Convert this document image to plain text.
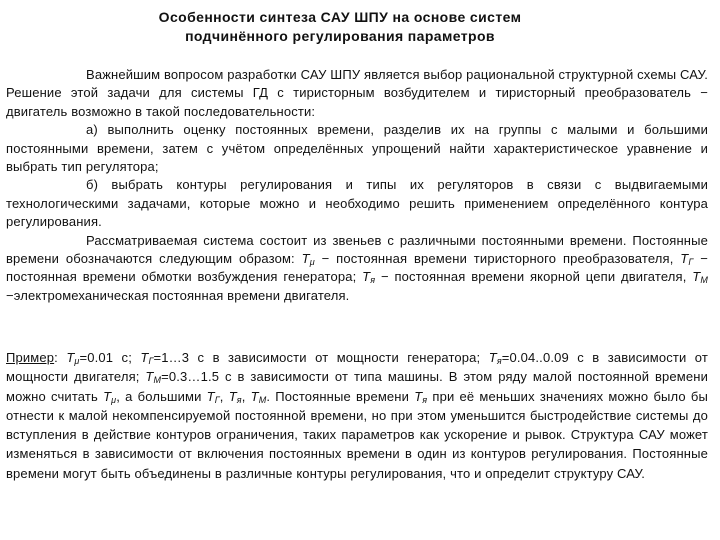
Особенности синтеза САУ ШПУ на основе систем
подчинённого регулирования параметров

Важнейшим вопросом разработки САУ ШПУ является выбор рациональной структурной схемы САУ. Решение этой задачи для системы ГД с тиристорным возбудителем и тиристорный преобразователь − двигатель возможно в такой последовательности:

а) выполнить оценку постоянных времени, разделив их на группы с малыми и большими постоянными времени, затем с учётом определённых упрощений найти характеристическое уравнение и выбрать тип регулятора;

б) выбрать контуры регулирования и типы их регуляторов в связи с выдвигаемыми технологическими задачами, которые можно и необходимо решить применением определённого контура регулирования.

Рассматриваемая система состоит из звеньев с различными постоянными времени. Постоянные времени обозначаются следующим образом: $T_\mu$ − постоянная времени тиристорного преобразователя, $T_Г$ − постоянная времени обмотки возбуждения генератора; $T_я$ − постоянная времени якорной цепи двигателя, $T_М$ −электромеханическая постоянная времени двигателя.

Пример: $T_\mu=0.01$ с; $T_Г=1\dots 3$ с в зависимости от мощности генератора; $T_я=0.04..0.09$ с в зависимости от мощности двигателя; $T_М=0.3\dots 1.5$ с в зависимости от типа машины. В этом ряду малой постоянной времени можно считать $T_\mu$, а большими $T_Г$, $T_я$, $T_М$. Постоянные времени $T_я$ при её меньших значениях можно было бы отнести к малой некомпенсируемой постоянной времени, но при этом уменьшится быстродействие системы до вступления в действие контуров ограничения, таких параметров как ускорение и рывок. Структура САУ может изменяться в зависимости от включения постоянных времени в один из контуров регулирования. Постоянные времени могут быть объединены в различные контуры регулирования, что и определит структуру САУ.
